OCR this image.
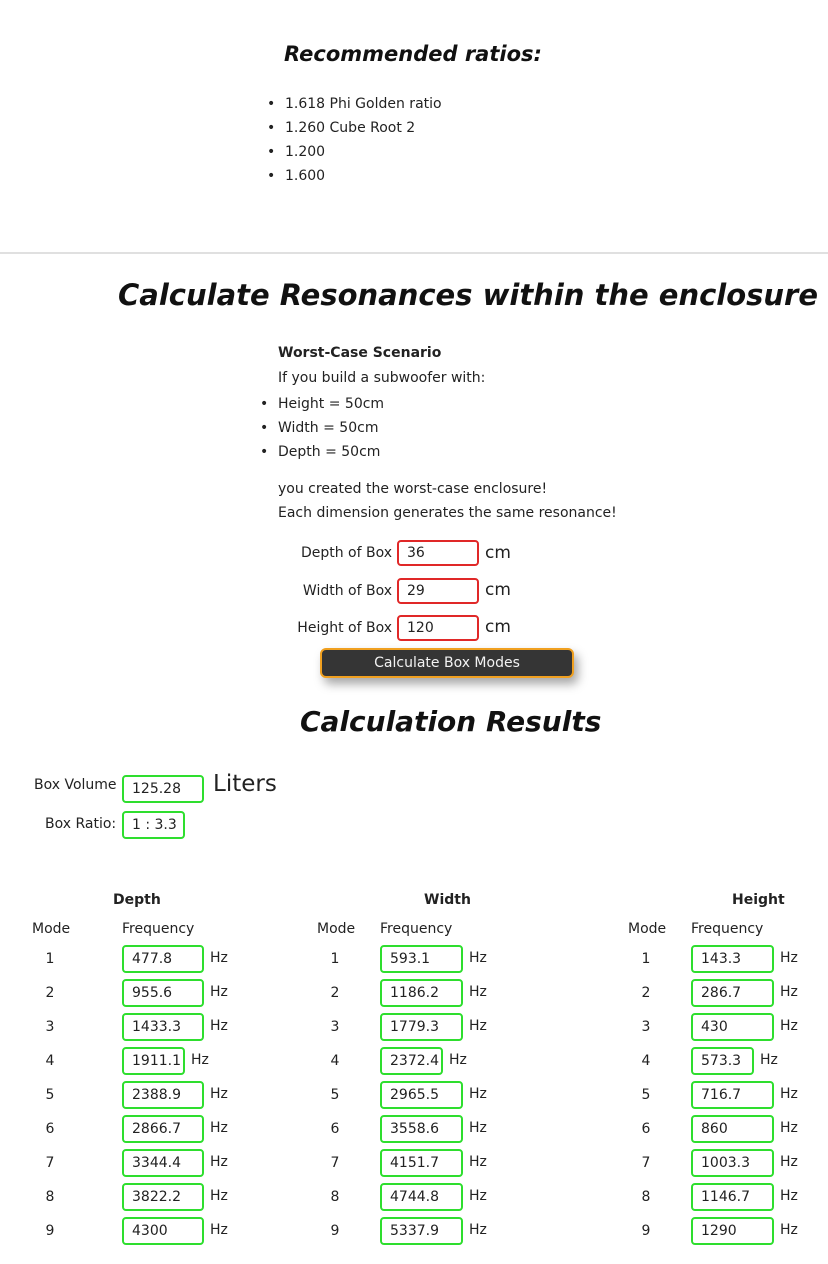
Recommended ratios:
• 1.618 Phi Golden ratio
• 1.260 Cube Root 2
• 1.200
• 1.600
Calculate Resonances within the enclosure
Worst-Case Scenario
If you build a subwoofer with:
• Height = 50cm
• Width = 50cm
• Depth = 50cm
you created the worst-case enclosure!
Each dimension generates the same resonance!
Depth of Box	36	cm
Width of Box	29	cm
Height of Box	120	cm
Calculate Box Modes
Calculation Results
Box Volume	125.28	Liters
Box Ratio:	1 : 3.3
Depth
Mode	Frequency
1	477.8	Hz
2	955.6	Hz
3	1433.3	Hz
4	1911.1 Hz
5	2388.9	Hz
6	2866.7	Hz
7	3344.4	Hz
8	3822.2	Hz
9	4300	Hz
Width
Mode Frequency
1	593.1	Hz
2	1186.2	Hz
3	1779.3	Hz
4	2372.4 Hz
5	2965.5	Hz
6	3558.6	Hz
7	4151.7	Hz
8	4744.8	Hz
9	5337.9	Hz
Height
Mode Frequency
1	143.3	Hz
2	286.7	Hz
3	430	Hz
4	573.3	Hz
5	716.7	Hz
6	860	Hz
7	1003.3	Hz
8	1146.7	Hz
9	1290	Hz
